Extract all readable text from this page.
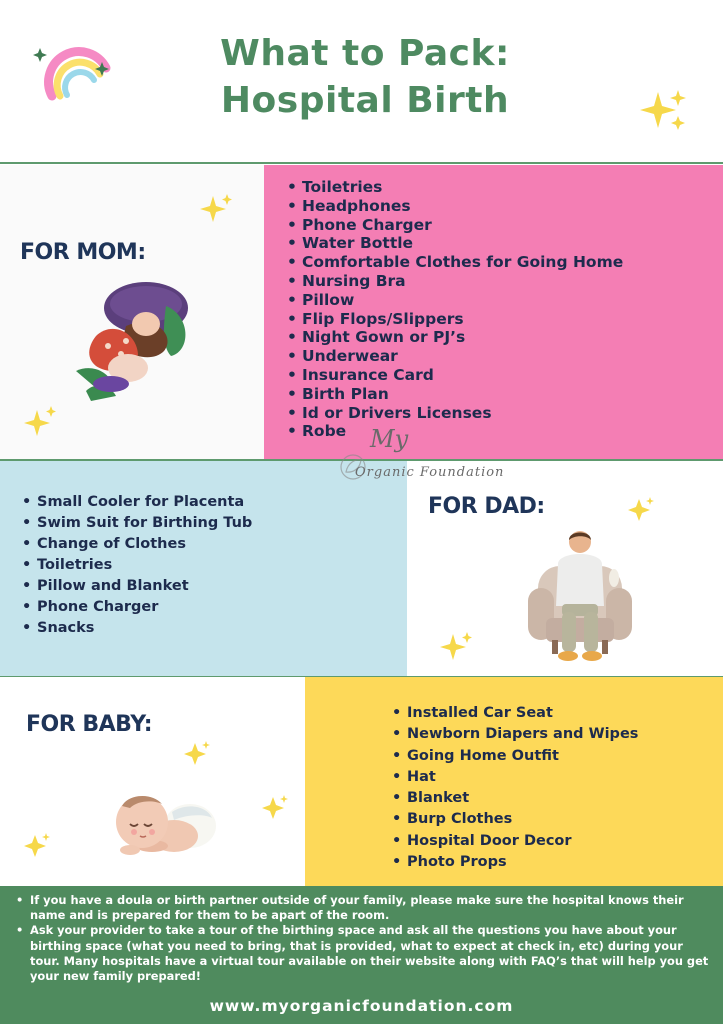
What to Pack:
Hospital Birth
FOR MOM:
• Toiletries
• Headphones
• Phone Charger
• Water Bottle
• Comfortable Clothes for Going Home
• Nursing Bra
• Pillow
• Flip Flops/Slippers
• Night Gown or PJ’s
• Underwear
• Insurance Card
• Birth Plan
• Id or Drivers Licenses
• Robe My
Organic Foundation
• Small Cooler for Placenta
• Swim Suit for Birthing Tub
• Change of Clothes
• Toiletries
• Pillow and Blanket
• Phone Charger
• Snacks
FOR DAD:
FOR BABY:
•	Installed Car Seat
• Newborn Diapers and Wipes
• Going Home Outfit
• Hat
• Blanket
• Burp Clothes
• Hospital Door Decor
• Photo Props
• If you have a doula or birth partner outside of your family, please make sure the hospital knows their name and is prepared for them to be apart of the room.
• Ask your provider to take a tour of the birthing space and ask all the questions you have about your birthing space (what you need to bring, that is provided, what to expect at check in, etc) during your tour. Many hospitals have a virtual tour available on their website along with FAQ’s that will help you get your new family prepared!
www.myorganicfoundation.com
